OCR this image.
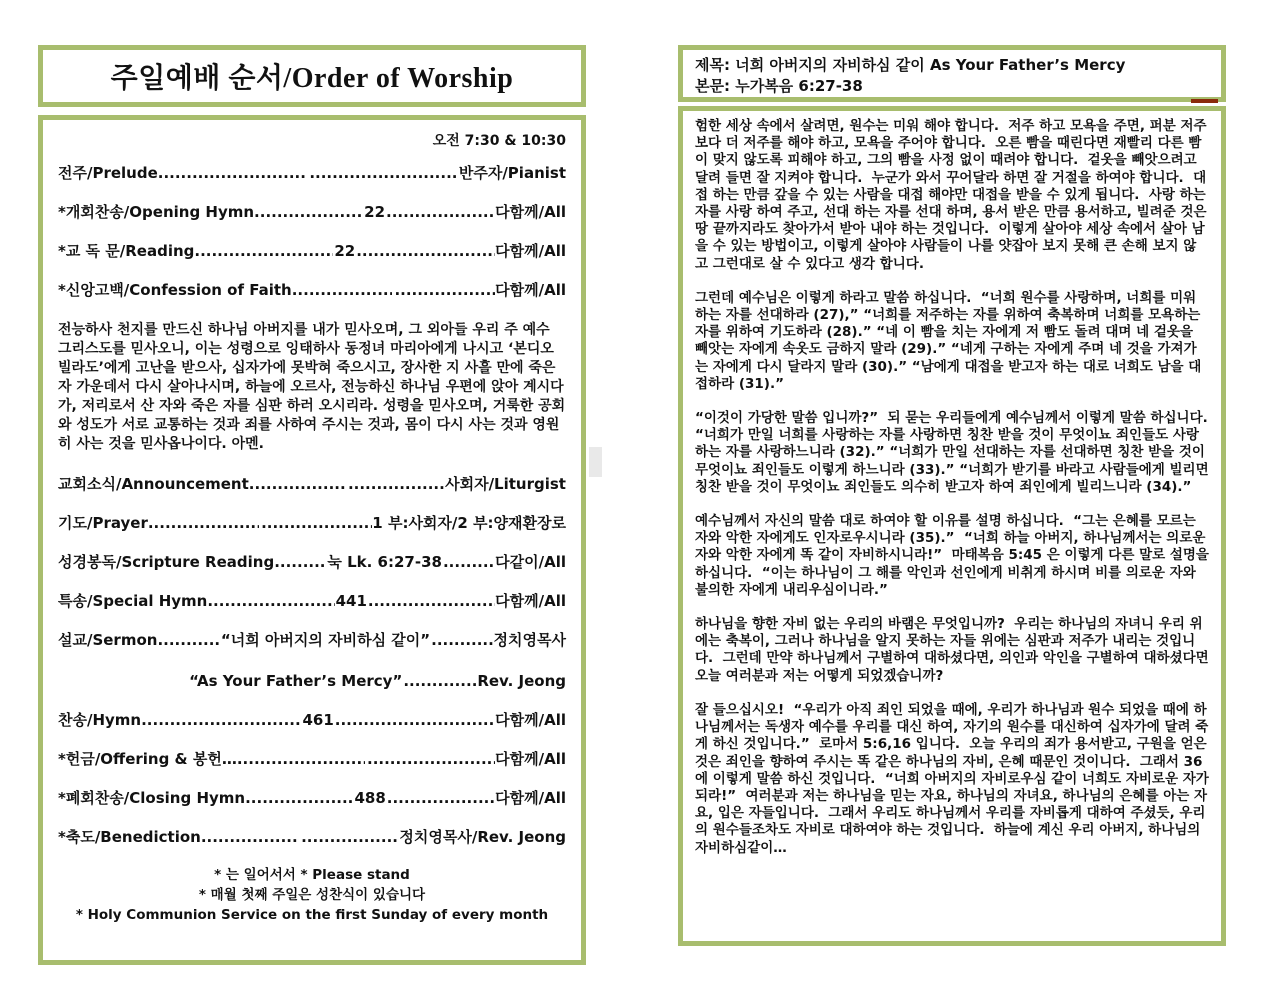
주일예배 순서/Order of Worship
오전 7:30 & 10:30
전주/Prelude ..... .....	반주자/Pianist
*개회찬송/Opening Hymn .....	22 .....	다함께/All
*교 독 문/Reading .....	22 .....	다함께/All
*신앙고백/Confession of Faith ..... .....	다함께/All
전능하사 천지를 만드신 하나님 아버지를 내가 믿사오며, 그 외아들 우리 주 예수 그리스도를 믿사오니, 이는 성령으로 잉태하사 동정녀 마리아에게 나시고 ‘본디오 빌라도’에게 고난을 받으사, 십자가에 못박혀 죽으시고, 장사한 지 사흘 만에 죽은 자 가운데서 다시 살아나시며, 하늘에 오르사, 전능하신 하나님 우편에 앉아 계시다가, 저리로서 산 자와 죽은 자를 심판 하러 오시리라. 성령을 믿사오며, 거룩한 공회와 성도가 서로 교통하는 것과 죄를 사하여 주시는 것과, 몸이 다시 사는 것과 영원히 사는 것을 믿사옵나이다. 아멘.
교회소식/Announcement ..... .....	사회자/Liturgist
기도/Prayer ..... .....	1 부:사회자/2 부:양재환장로
성경봉독/Scripture Reading .....	눅 Lk. 6:27-38 .....	다같이/All
특송/Special Hymn .....	441 .....	다함께/All
설교/Sermon .....	“너희 아버지의 자비하심 같이” .....	정치영목사
“As Your Father’s Mercy” .....	Rev. Jeong
찬송/Hymn .....	461 .....	다함께/All
*헌금/Offering & 봉헌… ..... .....	다함께/All
*폐회찬송/Closing Hymn .....	488 .....	다함께/All
*축도/Benediction ..... .....	정치영목사/Rev. Jeong
* 는 일어서서 * Please stand
* 매월 첫째 주일은 성찬식이 있습니다
* Holy Communion Service on the first Sunday of every month
제목: 너희 아버지의 자비하심 같이 As Your Father’s Mercy
본문: 누가복음 6:27-38
험한 세상 속에서 살려면, 원수는 미워 해야 합니다.  저주 하고 모욕을 주면, 퍼분 저주보다 더 저주를 해야 하고, 모욕을 주어야 합니다.  오른 빰을 때린다면 재빨리 다른 빰이 맞지 않도록 피해야 하고, 그의 빰을 사정 없이 때려야 합니다.  겉옷을 빼앗으려고 달려 들면 잘 지켜야 합니다.  누군가 와서 꾸어달라 하면 잘 거절을 하여야 합니다.  대접 하는 만큼 갚을 수 있는 사람을 대접 해야만 대접을 받을 수 있게 됩니다.  사랑 하는 자를 사랑 하여 주고, 선대 하는 자를 선대 하며, 용서 받은 만큼 용서하고, 빌려준 것은 땅 끝까지라도 찾아가서 받아 내야 하는 것입니다.  이렇게 살아야 세상 속에서 살아 남을 수 있는 방법이고, 이렇게 살아야 사람들이 나를 얏잡아 보지 못해 큰 손해 보지 않고 그런대로 살 수 있다고 생각 합니다.
그런데 예수님은 이렇게 하라고 말씀 하십니다.  “너희 원수를 사랑하며, 너희를 미워하는 자를 선대하라 (27),” “너희를 저주하는 자를 위하여 축복하며 너희를 모욕하는 자를 위하여 기도하라 (28).” “네 이 빰을 치는 자에게 저 빰도 돌려 대며 네 겉옷을 빼앗는 자에게 속옷도 금하지 말라 (29).” “네게 구하는 자에게 주며 네 것을 가져가는 자에게 다시 달라지 말라 (30).” “남에게 대접을 받고자 하는 대로 너희도 남을 대접하라 (31).”
“이것이 가당한 말씀 입니까?”  되 묻는 우리들에게 예수님께서 이렇게 말씀 하십니다.  “너희가 만일 너희를 사랑하는 자를 사랑하면 칭찬 받을 것이 무엇이뇨 죄인들도 사랑하는 자를 사랑하느니라 (32).” “너희가 만일 선대하는 자를 선대하면 칭찬 받을 것이 무엇이뇨 죄인들도 이렇게 하느니라 (33).” “너희가 받기를 바라고 사람들에게 빌리면 칭찬 받을 것이 무엇이뇨 죄인들도 의수히 받고자 하여 죄인에게 빌리느니라 (34).”
예수님께서 자신의 말씀 대로 하여야 할 이유를 설명 하십니다.  “그는 은혜를 모르는 자와 악한 자에게도 인자로우시니라 (35).”  “너희 하늘 아버지, 하나님께서는 의로운 자와 악한 자에게 똑 같이 자비하시니라!”  마태복음 5:45 은 이렇게 다른 말로 설명을 하십니다.  “이는 하나님이 그 해를 악인과 선인에게 비취게 하시며 비를 의로운 자와 불의한 자에게 내리우심이니라.”
하나님을 향한 자비 없는 우리의 바램은 무엇입니까?  우리는 하나님의 자녀니 우리 위에는 축복이, 그러나 하나님을 알지 못하는 자들 위에는 심판과 저주가 내리는 것입니다.  그런데 만약 하나님께서 구별하여 대하셨다면, 의인과 악인을 구별하여 대하셨다면 오늘 여러분과 저는 어떻게 되었겠습니까?
잘 들으십시오!  “우리가 아직 죄인 되었을 때에, 우리가 하나님과 원수 되었을 때에 하나님께서는 독생자 예수를 우리를 대신 하여, 자기의 원수를 대신하여 십자가에 달려 죽게 하신 것입니다.”  로마서 5:6,16 입니다.  오늘 우리의 죄가 용서받고, 구원을 얻은 것은 죄인을 향하여 주시는 똑 같은 하나님의 자비, 은혜 때문인 것이니다.  그래서 36 에 이렇게 말씀 하신 것입니다.  “너희 아버지의 자비로우심 같이 너희도 자비로운 자가 되라!”  여러분과 저는 하나님을 믿는 자요, 하나님의 자녀요, 하나님의 은혜를 아는 자요, 입은 자들입니다.  그래서 우리도 하나님께서 우리를 자비롭게 대하여 주셨듯, 우리의 원수들조차도 자비로 대하여야 하는 것입니다.  하늘에 계신 우리 아버지, 하나님의 자비하심같이…
